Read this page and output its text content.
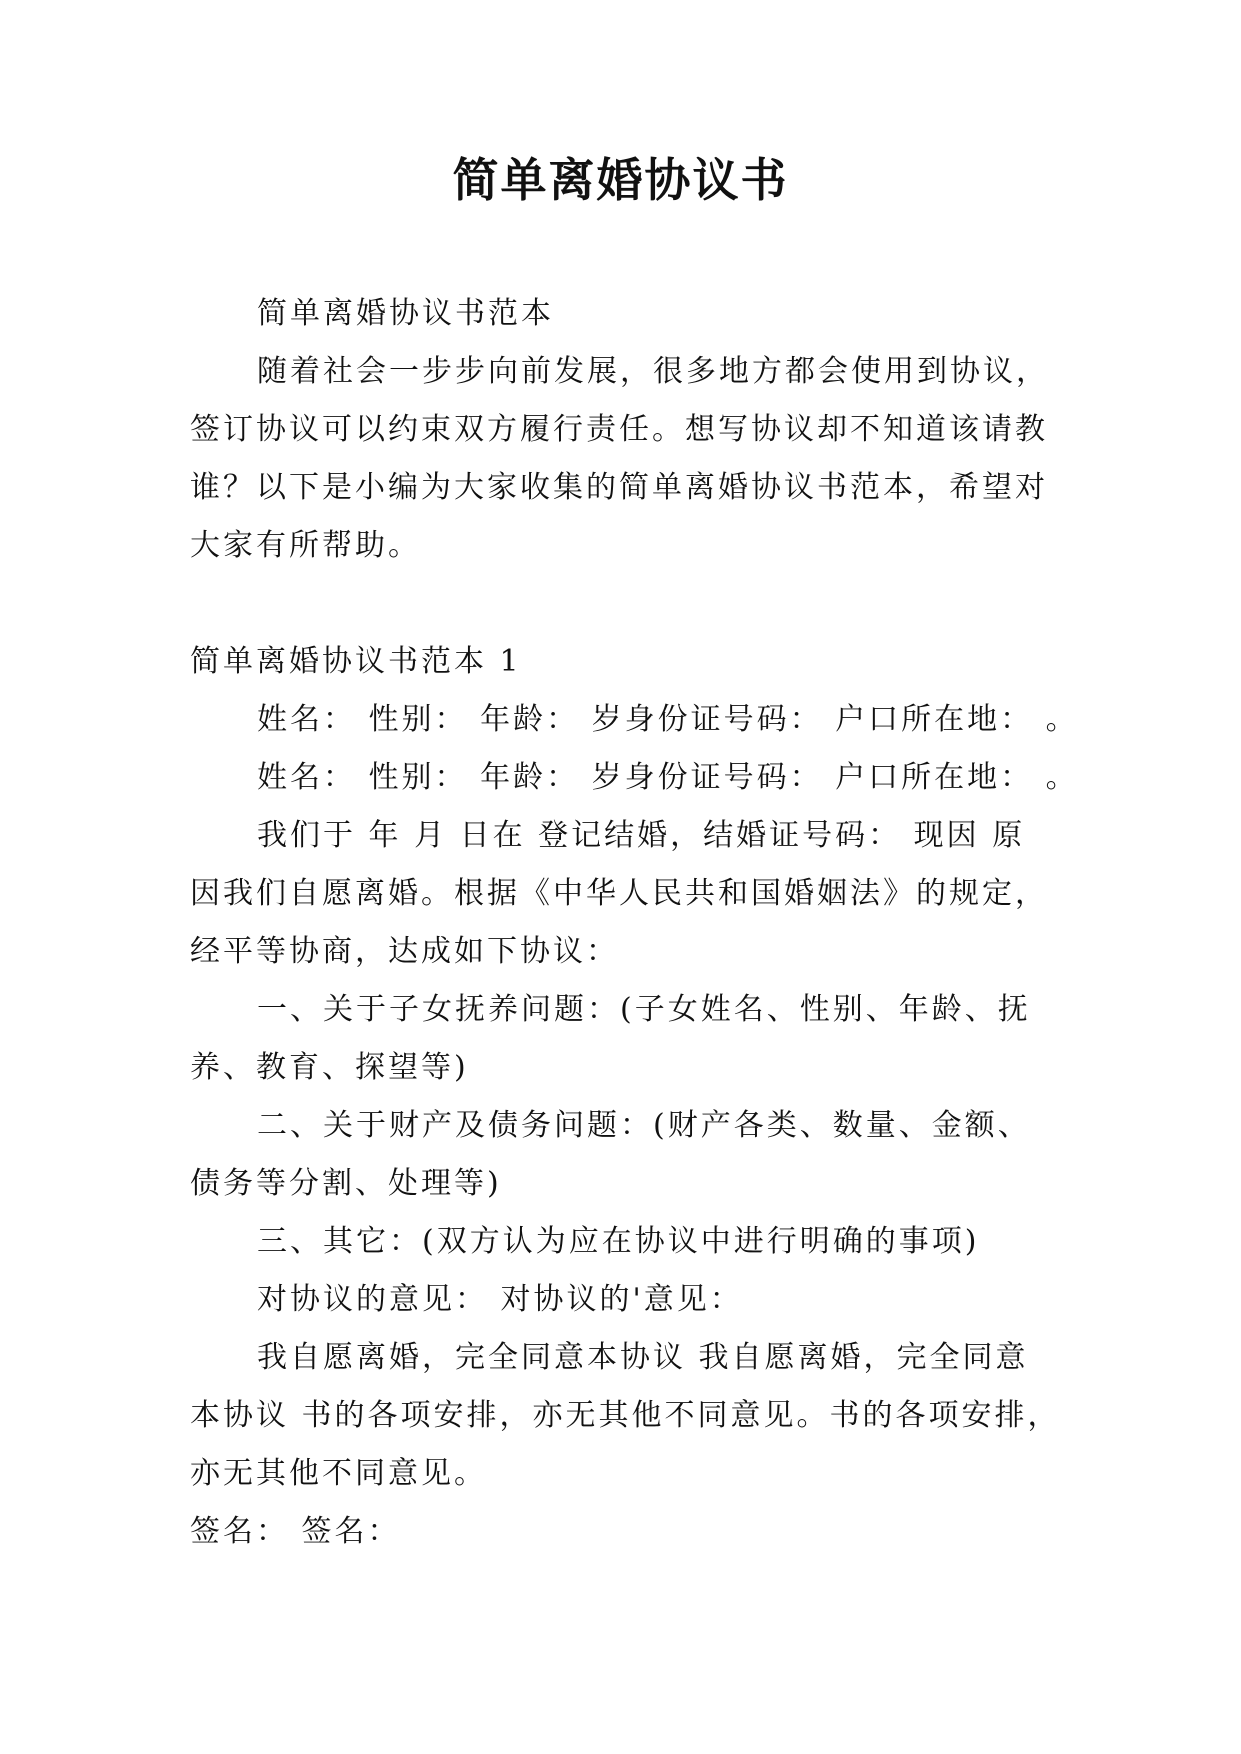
简单离婚协议书
简单离婚协议书范本
随着社会一步步向前发展，很多地方都会使用到协议，
签订协议可以约束双方履行责任。想写协议却不知道该请教
谁？以下是小编为大家收集的简单离婚协议书范本，希望对
大家有所帮助。
简单离婚协议书范本 1
姓名： 性别： 年龄： 岁身份证号码： 户口所在地： 。
姓名： 性别： 年龄： 岁身份证号码： 户口所在地： 。
我们于 年 月 日在 登记结婚，结婚证号码： 现因 原
因我们自愿离婚。根据《中华人民共和国婚姻法》的规定，
经平等协商，达成如下协议：
一、关于子女抚养问题：(子女姓名、性别、年龄、抚
养、教育、探望等)
二、关于财产及债务问题：(财产各类、数量、金额、
债务等分割、处理等)
三、其它：(双方认为应在协议中进行明确的事项)
对协议的意见： 对协议的'意见：
我自愿离婚，完全同意本协议 我自愿离婚，完全同意
本协议 书的各项安排，亦无其他不同意见。书的各项安排，
亦无其他不同意见。
签名： 签名：
